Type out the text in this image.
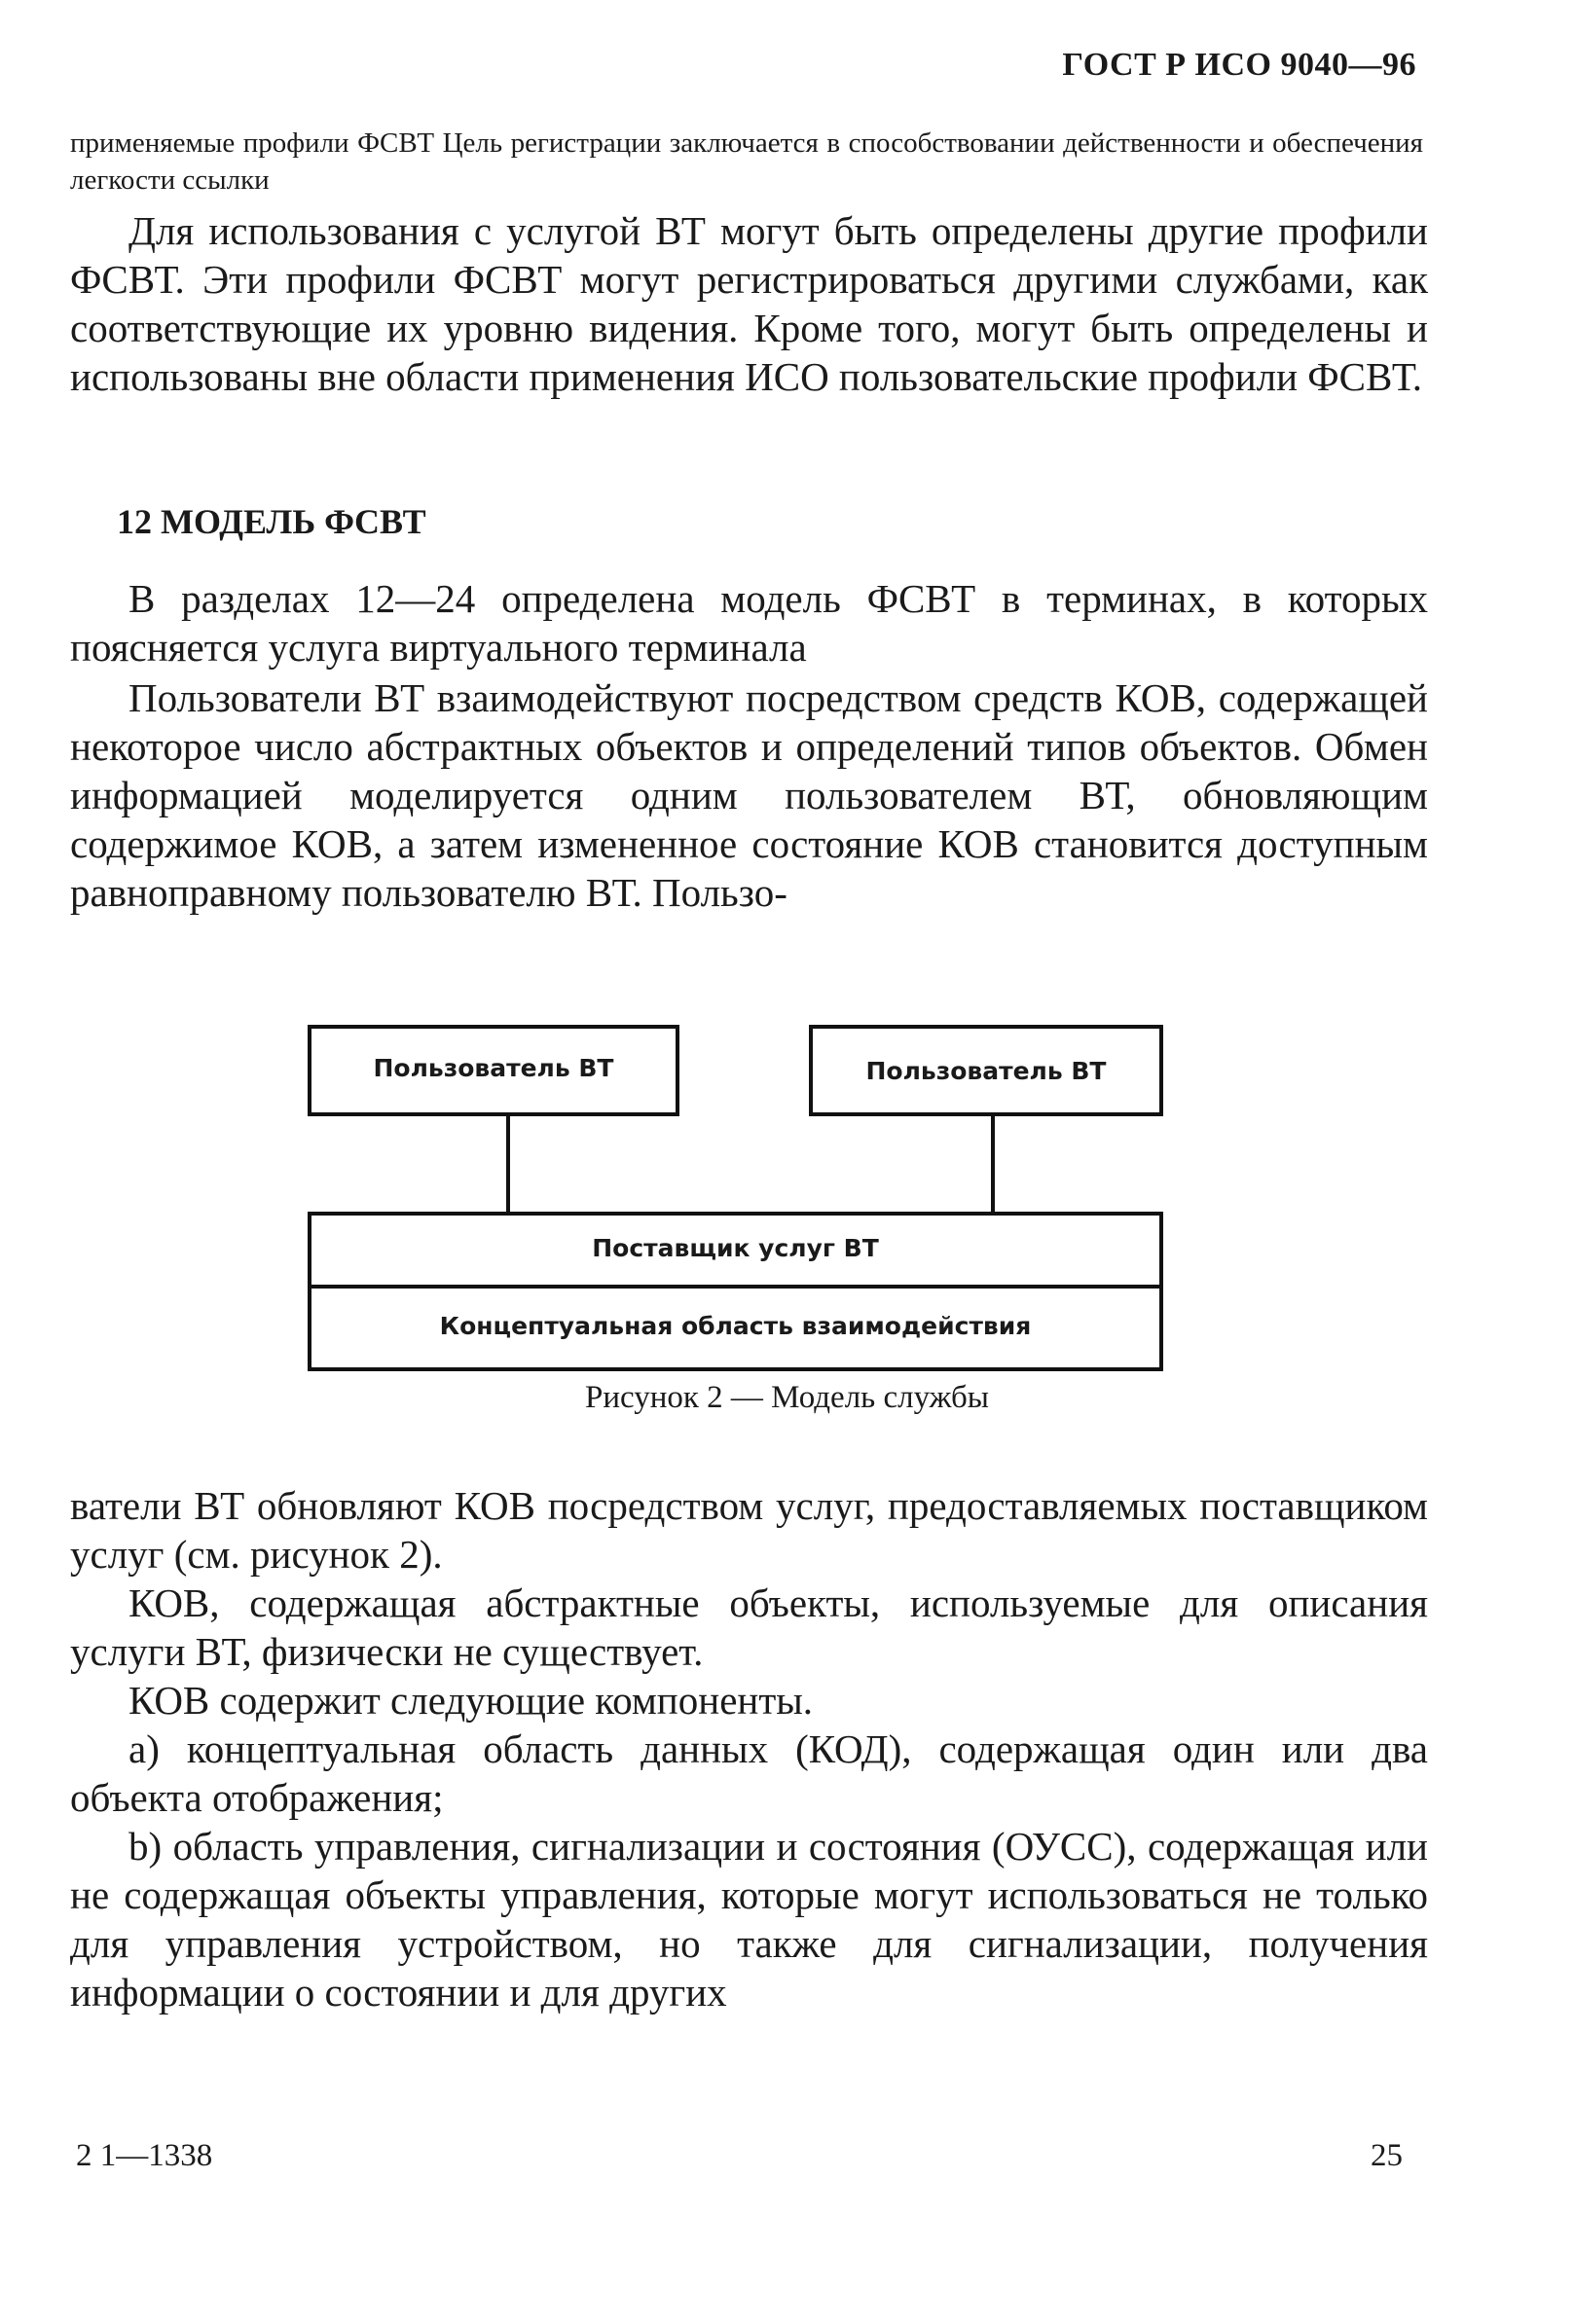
ГОСТ Р ИСО 9040—96
применяемые профили ФСВТ Цель регистрации заключается в способствовании действенности и обеспечения легкости ссылки
Для использования с услугой ВТ могут быть определены другие профили ФСВТ. Эти профили ФСВТ могут регистрироваться другими службами, как соответствующие их уровню видения. Кроме того, могут быть определены и использованы вне области применения ИСО пользовательские профили ФСВТ.
12 МОДЕЛЬ ФСВТ
В разделах 12—24 определена модель ФСВТ в терминах, в которых поясняется услуга виртуального терминала
Пользователи ВТ взаимодействуют посредством средств КОВ, содержащей некоторое число абстрактных объектов и определений типов объектов. Обмен информацией моделируется одним пользователем ВТ, обновляющим содержимое КОВ, а затем измененное состояние КОВ становится доступным равноправному пользователю ВТ. Пользо-
Пользователь ВТ	Пользователь ВТ
Поставщик услуг ВТ
Концептуальная область взаимодействия
Рисунок 2 — Модель службы
ватели ВТ обновляют КОВ посредством услуг, предоставляемых поставщиком услуг (см. рисунок 2).
КОВ, содержащая абстрактные объекты, используемые для описания услуги ВТ, физически не существует.
КОВ содержит следующие компоненты.
а) концептуальная область данных (КОД), содержащая один или два объекта отображения;
b) область управления, сигнализации и состояния (ОУСС), содержащая или не содержащая объекты управления, которые могут использоваться не только для управления устройством, но также для сигнализации, получения информации о состоянии и для других
2 1—1338	25
